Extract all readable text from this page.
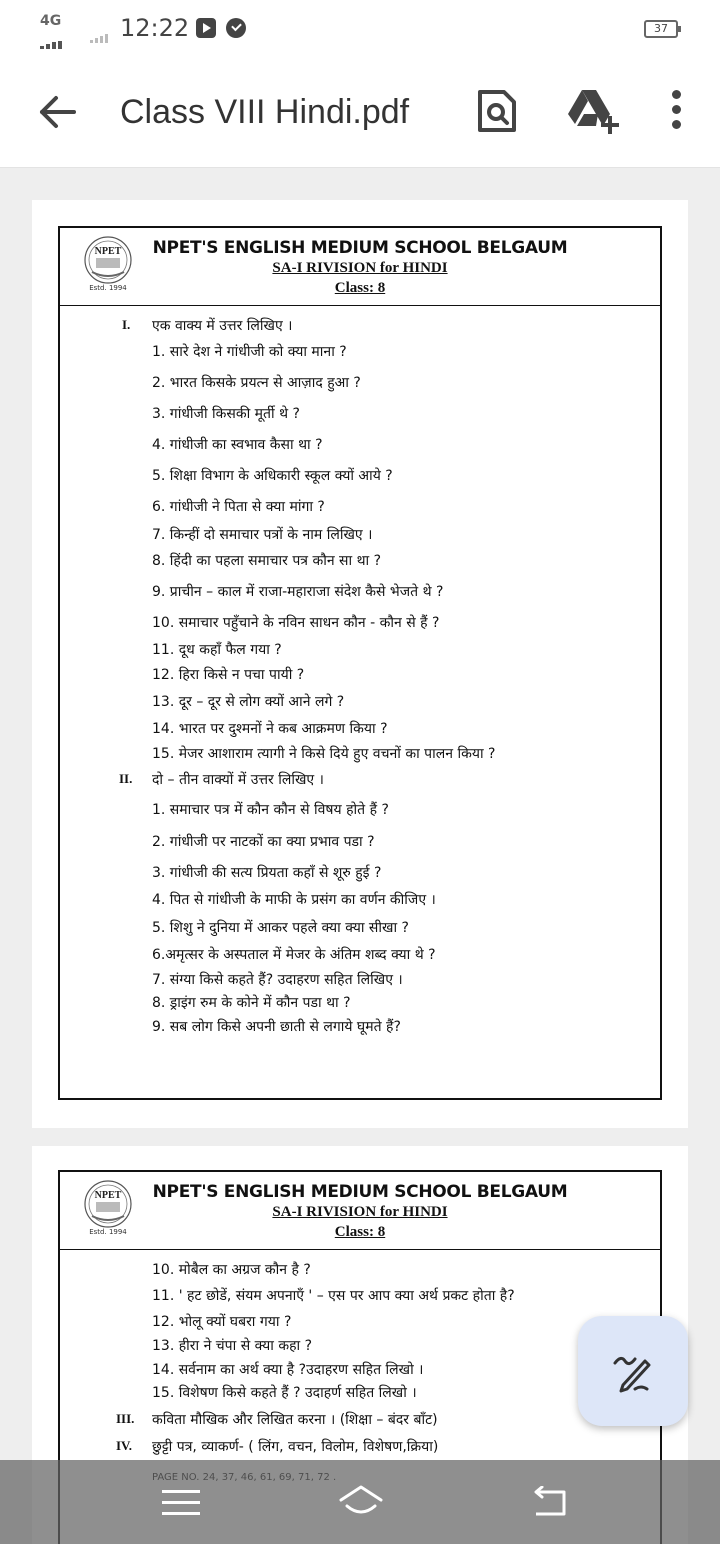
4G 12:22	37
Class VIII Hindi.pdf
NPET
Estd. 1994
NPET'S ENGLISH MEDIUM SCHOOL BELGAUM
SA-I RIVISION for HINDI
Class: 8
I. एक वाक्य में उत्तर लिखिए ।
1. सारे देश ने गांधीजी को क्या माना ?
2. भारत किसके प्रयत्न से आज़ाद हुआ ?
3. गांधीजी किसकी मूर्ती थे ?
4. गांधीजी का स्वभाव कैसा था ?
5. शिक्षा विभाग के अधिकारी स्कूल क्यों आये ?
6. गांधीजी ने पिता से क्या मांगा ?
7. किन्हीं दो समाचार पत्रों के नाम लिखिए ।
8. हिंदी का पहला समाचार पत्र कौन सा था ?
9. प्राचीन – काल में राजा-महाराजा संदेश कैसे भेजते थे ?
10. समाचार पहुँचाने के नविन साधन कौन - कौन से हैं ?
11. दूध कहाँ फैल गया ?
12. हिरा किसे न पचा पायी ?
13. दूर – दूर से लोग क्यों आने लगे ?
14. भारत पर दुश्मनों ने कब आक्रमण किया ?
15. मेजर आशाराम त्यागी ने किसे दिये हुए वचनों का पालन किया ?
II. दो – तीन वाक्यों में उत्तर लिखिए ।
1. समाचार पत्र में कौन कौन से विषय होते हैं ?
2. गांधीजी पर नाटकों का क्या प्रभाव पडा ?
3. गांधीजी की सत्य प्रियता कहाँ से शूरु हुई ?
4. पित से गांधीजी के माफी के प्रसंग का वर्णन कीजिए ।
5. शिशु ने दुनिया में आकर पहले क्या क्या सीखा ?
6.अमृत्सर के अस्पताल में मेजर के अंतिम शब्द क्या थे ?
7. संग्या किसे कहते हैं? उदाहरण सहित लिखिए ।
8. ड्राइंग रुम के कोने में कौन पडा था ?
9. सब लोग किसे अपनी छाती से लगाये घूमते हैं?
NPET
Estd. 1994
NPET'S ENGLISH MEDIUM SCHOOL BELGAUM
SA-I RIVISION for HINDI
Class: 8
10. मोबैल का अग्रज कौन है ?
11. ' हट छोडें, संयम अपनाएँ ' – एस पर आप क्या अर्थ प्रकट होता है?
12. भोलू क्यों घबरा गया ?
13. हीरा ने चंपा से क्या कहा ?
14. सर्वनाम का अर्थ क्या है ?उदाहरण सहित लिखो ।
15. विशेषण किसे कहते हैं ? उदाहर्ण सहित लिखो ।
III. कविता मौखिक और लिखित करना । (शिक्षा – बंदर बाँट)
IV. छुट्टी पत्र, व्याकर्ण- ( लिंग, वचन, विलोम, विशेषण,क्रिया)
